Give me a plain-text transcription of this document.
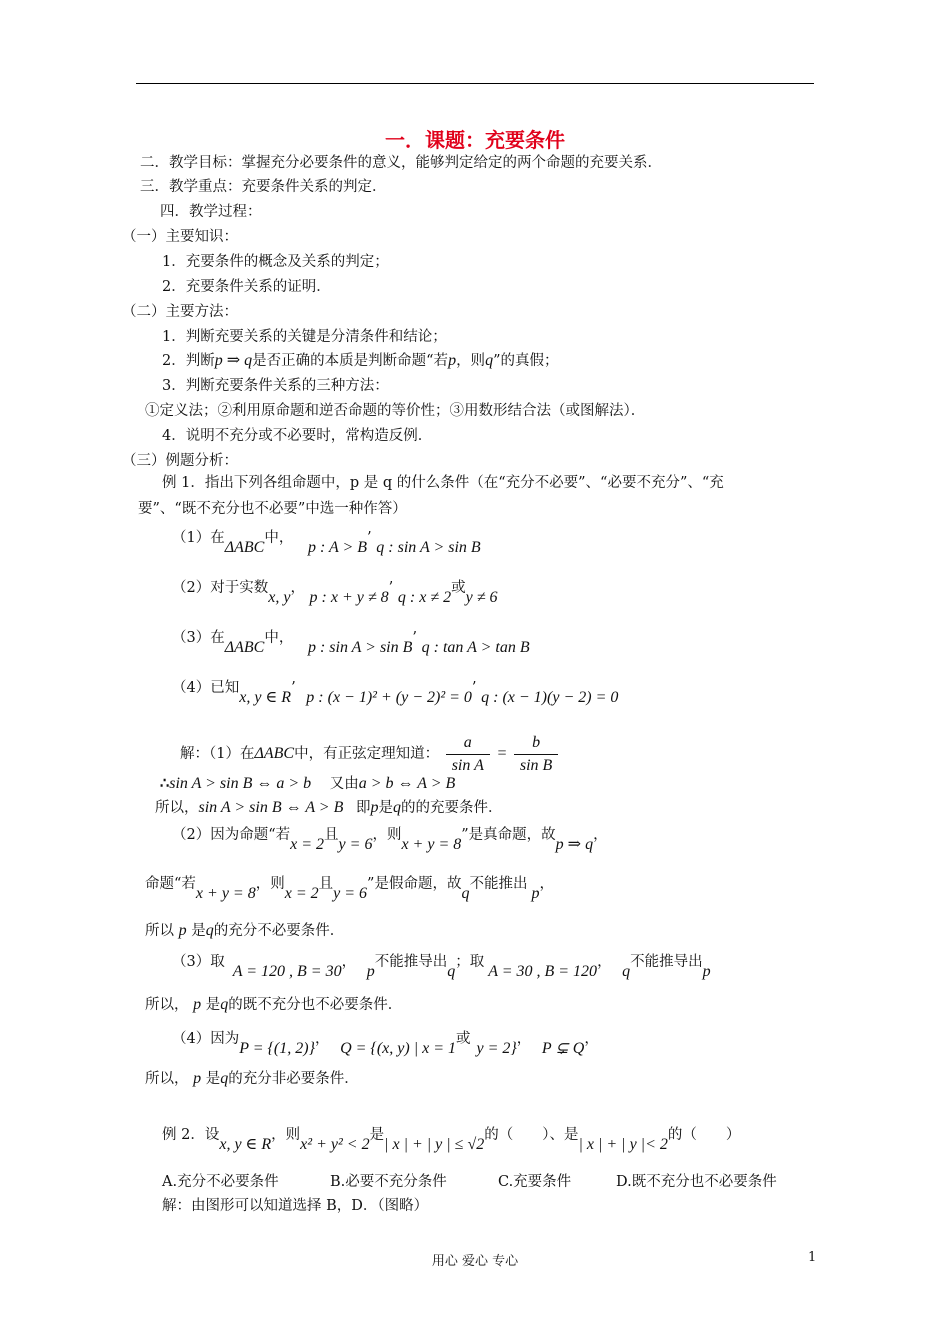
一．课题：充要条件
二．教学目标：掌握充分必要条件的意义，能够判定给定的两个命题的充要关系．
三．教学重点：充要条件关系的判定．
四．教学过程：
（一）主要知识：
1．充要条件的概念及关系的判定；
2．充要条件关系的证明．
（二）主要方法：
1．判断充要关系的关键是分清条件和结论；
2．判断p ⇒ q是否正确的本质是判断命题“若p，则q”的真假；
3．判断充要条件关系的三种方法：
①定义法；②利用原命题和逆否命题的等价性；③用数形结合法（或图解法）．
4．说明不充分或不必要时，常构造反例．
（三）例题分析：
例 1．指出下列各组命题中，p 是 q 的什么条件（在“充分不必要”、“必要不充分”、“充
要”、“既不充分也不必要”中选一种作答）
（1）在ΔABC中， p : A > B’ q : sin A > sin B
（2）对于实数x, y， p : x + y ≠ 8’ q : x ≠ 2或y ≠ 6
（3）在ΔABC中， p : sin A > sin B’ q : tan A > tan B
（4）已知x, y ∈ R’ p : (x − 1)² + (y − 2)² = 0’ q : (x − 1)(y − 2) = 0
解：（1）在ΔABC中，有正弦定理知道： $\frac{a}{\text{sin A}} = \frac{b}{\text{sin B}}$
∴sin A > sin B ⇔ a > b 又由a > b ⇔ A > B
所以，sin A > sin B ⇔ A > B 即p是q的的充要条件．
（2）因为命题“若x = 2且y = 6，则x + y = 8”是真命题，故p ⇒ q，
命题“若x + y = 8，则x = 2且y = 6”是假命题，故q不能推出p，
所以 p 是q的充分不必要条件．
（3）取A = 120 , B = 30， p不能推导出q；取A = 30 , B = 120， q不能推导出p
所以， p 是q的既不充分也不必要条件．
（4）因为P = {(1, 2)}， Q = {(x, y) | x = 1或y = 2}， P ⊊ Q，
所以， p 是q的充分非必要条件．
例 2．设x, y ∈ R，则x² + y² < 2是| x | + | y | ≤ √2的（　　）、是| x | + | y |< 2的（　　）
A.充分不必要条件	B.必要不充分条件	C.充要条件	D.既不充分也不必要条件
解：由图形可以知道选择 B，D．（图略）
用心 爱心 专心	1
